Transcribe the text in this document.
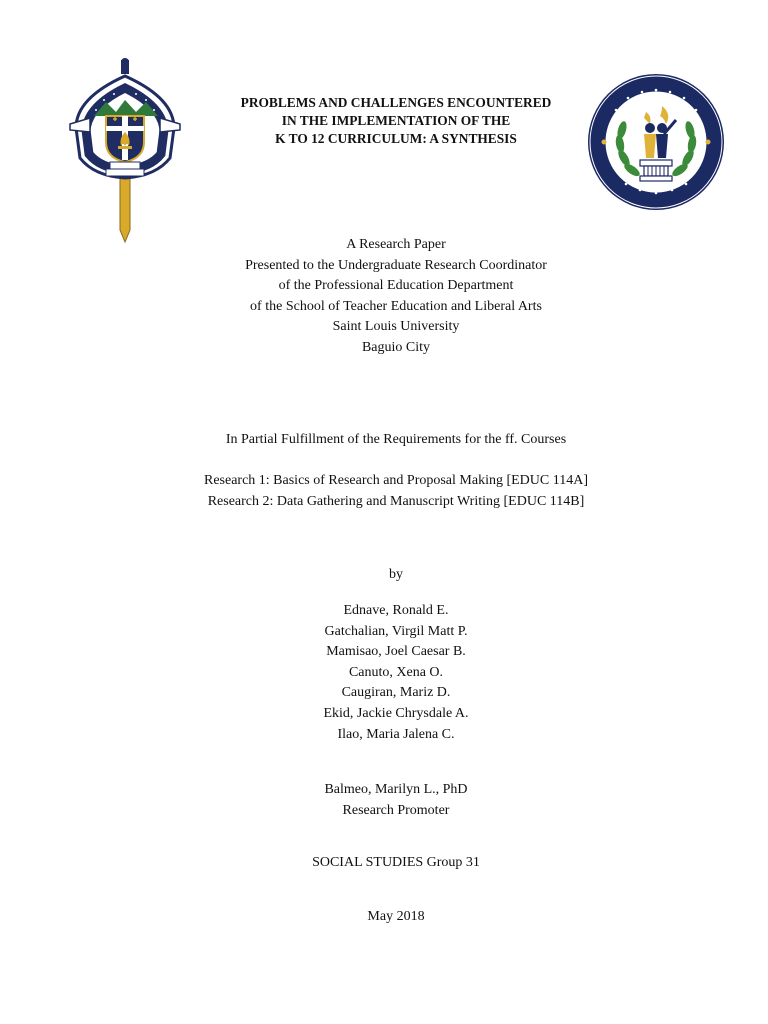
PROBLEMS AND CHALLENGES ENCOUNTERED
IN THE IMPLEMENTATION OF THE
K TO 12 CURRICULUM: A SYNTHESIS
A Research Paper
Presented to the Undergraduate Research Coordinator
of the Professional Education Department
of the School of Teacher Education and Liberal Arts
Saint Louis University
Baguio City
In Partial Fulfillment of the Requirements for the ff. Courses
Research 1: Basics of Research and Proposal Making [EDUC 114A]
Research 2: Data Gathering and Manuscript Writing [EDUC 114B]
by
Ednave, Ronald E.
Gatchalian, Virgil Matt P.
Mamisao, Joel Caesar B.
Canuto, Xena O.
Caugiran, Mariz D.
Ekid, Jackie Chrysdale A.
Ilao, Maria Jalena C.
Balmeo, Marilyn L., PhD
Research Promoter
SOCIAL STUDIES Group 31
May 2018
